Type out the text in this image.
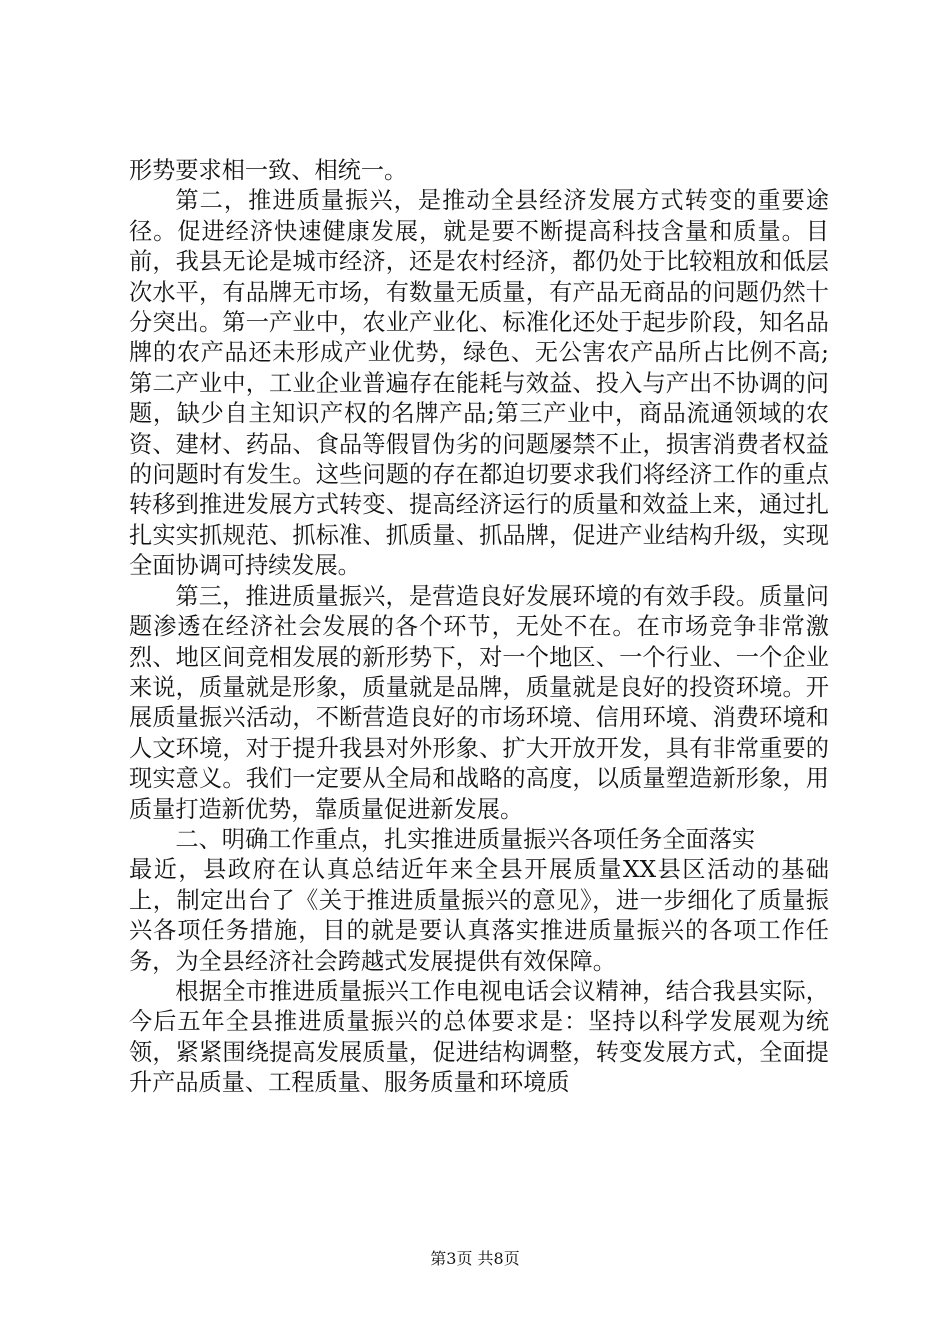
形势要求相一致、相统一。

第二，推进质量振兴，是推动全县经济发展方式转变的重要途径。促进经济快速健康发展，就是要不断提高科技含量和质量。目前，我县无论是城市经济，还是农村经济，都仍处于比较粗放和低层次水平，有品牌无市场，有数量无质量，有产品无商品的问题仍然十分突出。第一产业中，农业产业化、标准化还处于起步阶段，知名品牌的农产品还未形成产业优势，绿色、无公害农产品所占比例不高;第二产业中，工业企业普遍存在能耗与效益、投入与产出不协调的问题，缺少自主知识产权的名牌产品;第三产业中，商品流通领域的农资、建材、药品、食品等假冒伪劣的问题屡禁不止，损害消费者权益的问题时有发生。这些问题的存在都迫切要求我们将经济工作的重点转移到推进发展方式转变、提高经济运行的质量和效益上来，通过扎扎实实抓规范、抓标准、抓质量、抓品牌，促进产业结构升级，实现全面协调可持续发展。

第三，推进质量振兴，是营造良好发展环境的有效手段。质量问题渗透在经济社会发展的各个环节，无处不在。在市场竞争非常激烈、地区间竞相发展的新形势下，对一个地区、一个行业、一个企业来说，质量就是形象，质量就是品牌，质量就是良好的投资环境。开展质量振兴活动，不断营造良好的市场环境、信用环境、消费环境和人文环境，对于提升我县对外形象、扩大开放开发，具有非常重要的现实意义。我们一定要从全局和战略的高度，以质量塑造新形象，用质量打造新优势，靠质量促进新发展。

二、明确工作重点，扎实推进质量振兴各项任务全面落实

最近，县政府在认真总结近年来全县开展质量XX县区活动的基础上，制定出台了《关于推进质量振兴的意见》，进一步细化了质量振兴各项任务措施，目的就是要认真落实推进质量振兴的各项工作任务，为全县经济社会跨越式发展提供有效保障。

根据全市推进质量振兴工作电视电话会议精神，结合我县实际，今后五年全县推进质量振兴的总体要求是：坚持以科学发展观为统领，紧紧围绕提高发展质量，促进结构调整，转变发展方式，全面提升产品质量、工程质量、服务质量和环境质

第3页 共8页
